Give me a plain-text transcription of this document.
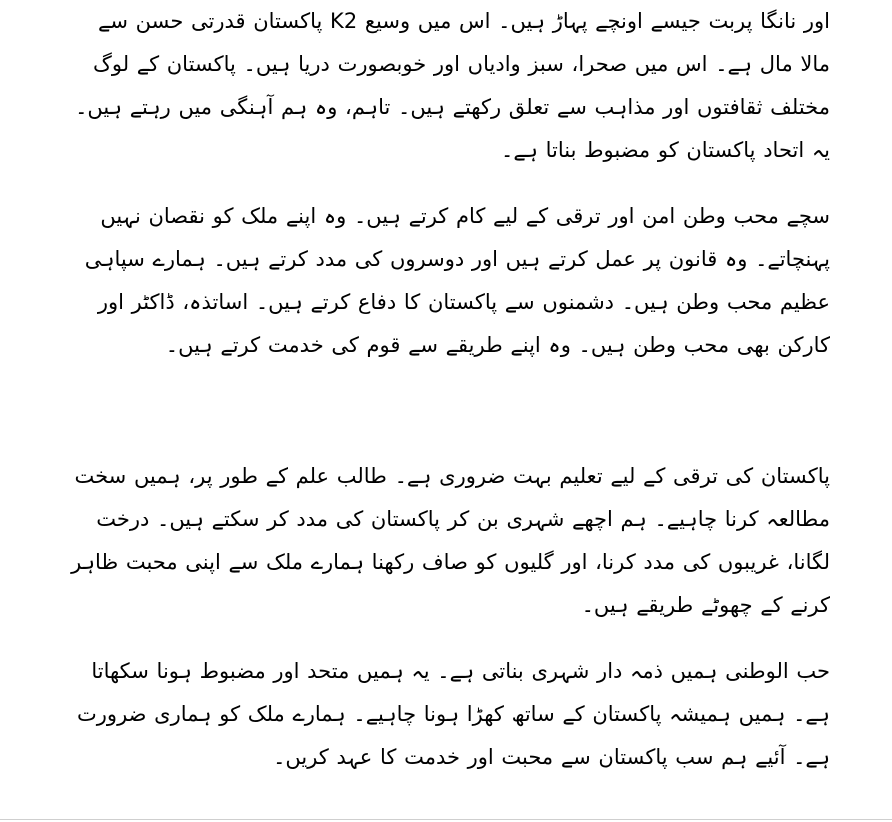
اور نانگا پربت جیسے اونچے پہاڑ ہیں۔ اس میں وسیع K2 پاکستان قدرتی حسن سے مالا مال ہے۔ اس میں صحرا، سبز وادیاں اور خوبصورت دریا ہیں۔ پاکستان کے لوگ مختلف ثقافتوں اور مذاہب سے تعلق رکھتے ہیں۔ تاہم، وہ ہم آہنگی میں رہتے ہیں۔ یہ اتحاد پاکستان کو مضبوط بناتا ہے۔

سچے محب وطن امن اور ترقی کے لیے کام کرتے ہیں۔ وہ اپنے ملک کو نقصان نہیں پہنچاتے۔ وہ قانون پر عمل کرتے ہیں اور دوسروں کی مدد کرتے ہیں۔ ہمارے سپاہی عظیم محب وطن ہیں۔ دشمنوں سے پاکستان کا دفاع کرتے ہیں۔ اساتذہ، ڈاکٹر اور کارکن بھی محب وطن ہیں۔ وہ اپنے طریقے سے قوم کی خدمت کرتے ہیں۔

پاکستان کی ترقی کے لیے تعلیم بہت ضروری ہے۔ طالب علم کے طور پر، ہمیں سخت مطالعہ کرنا چاہیے۔ ہم اچھے شہری بن کر پاکستان کی مدد کر سکتے ہیں۔ درخت لگانا، غریبوں کی مدد کرنا، اور گلیوں کو صاف رکھنا ہمارے ملک سے اپنی محبت ظاہر کرنے کے چھوٹے طریقے ہیں۔

حب الوطنی ہمیں ذمہ دار شہری بناتی ہے۔ یہ ہمیں متحد اور مضبوط ہونا سکھاتا ہے۔ ہمیں ہمیشہ پاکستان کے ساتھ کھڑا ہونا چاہیے۔ ہمارے ملک کو ہماری ضرورت ہے۔ آئیے ہم سب پاکستان سے محبت اور خدمت کا عہد کریں۔
